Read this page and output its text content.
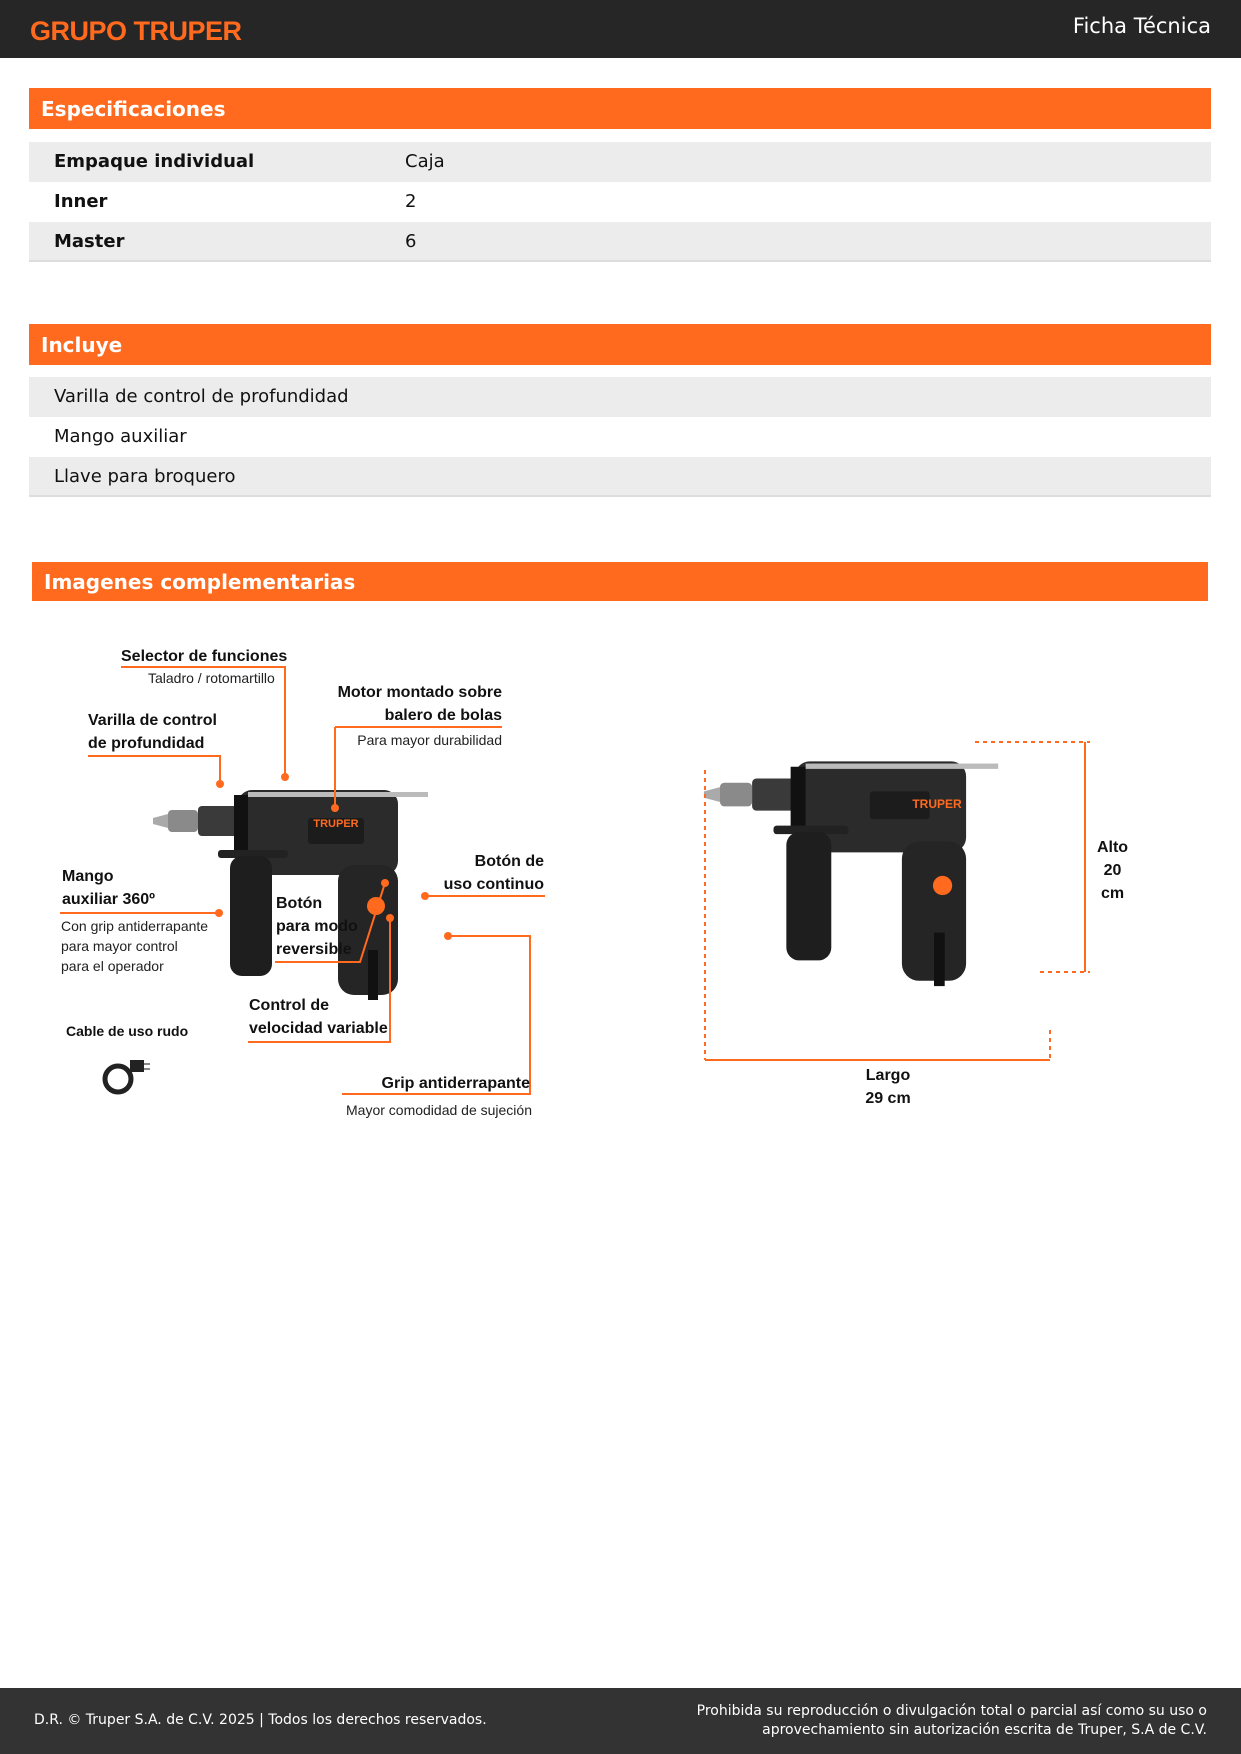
GRUPO TRUPER	Ficha Técnica
Especificaciones
Empaque individual	Caja
Inner	2
Master	6
Incluye
Varilla de control de profundidad
Mango auxiliar
Llave para broquero
Imagenes complementarias
TRUPER
TRUPER
Selector de funciones
Taladro / rotomartillo
Motor montado sobre
balero de bolas
Para mayor durabilidad
Varilla de control
de profundidad
Mango
auxiliar 360º
Con grip antiderrapante
para mayor control
para el operador
Botón de
uso continuo
Botón
para modo
reversible
Control de
velocidad variable
Cable de uso rudo
Grip antiderrapante
Mayor comodidad de sujeción
Alto
20 cm
Largo
29 cm
D.R. © Truper S.A. de C.V. 2025 | Todos los derechos reservados.
Prohibida su reproducción o divulgación total o parcial así como su uso o
aprovechamiento sin autorización escrita de Truper, S.A de C.V.
